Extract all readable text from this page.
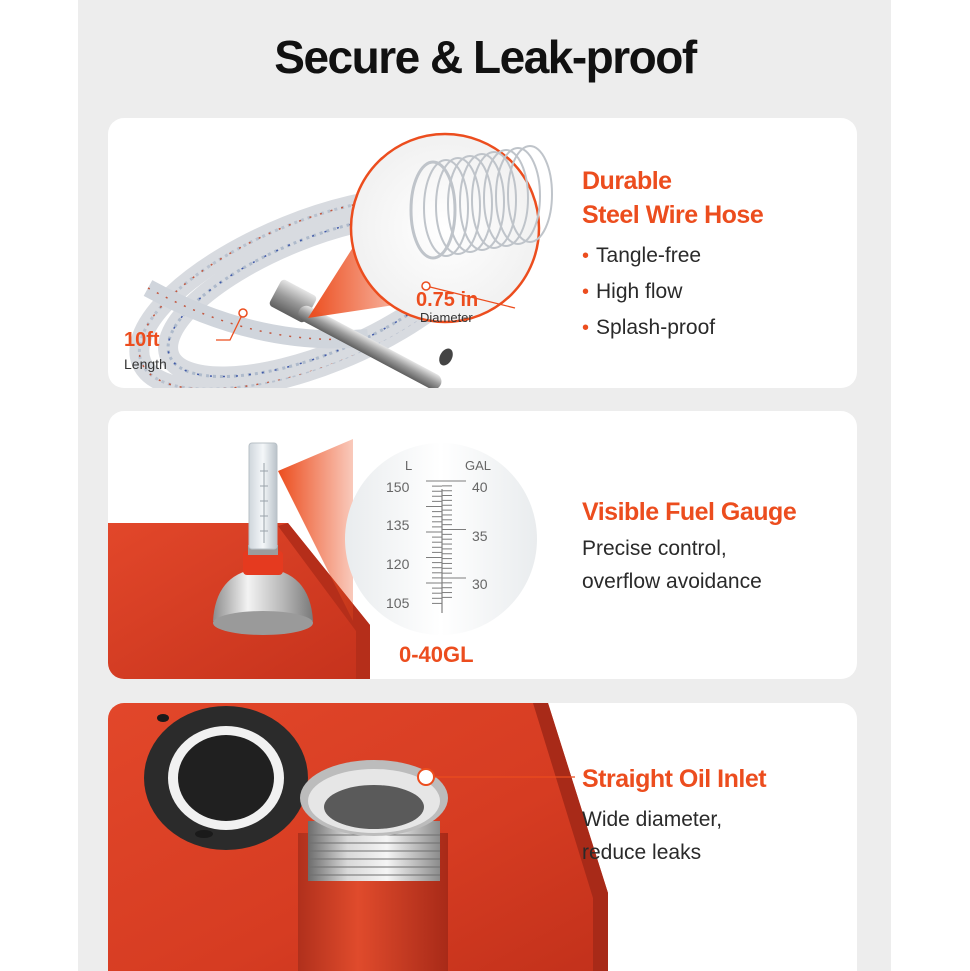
Secure & Leak-proof
10ft
Length
0.75 in
Diameter
Durable
Steel Wire Hose
• Tangle-free
• High flow
• Splash-proof
L	GAL
150
135
120
105
40
35
30
0-40GL
Visible Fuel Gauge
Precise control,
overflow avoidance
Straight Oil Inlet
Wide diameter,
reduce leaks
